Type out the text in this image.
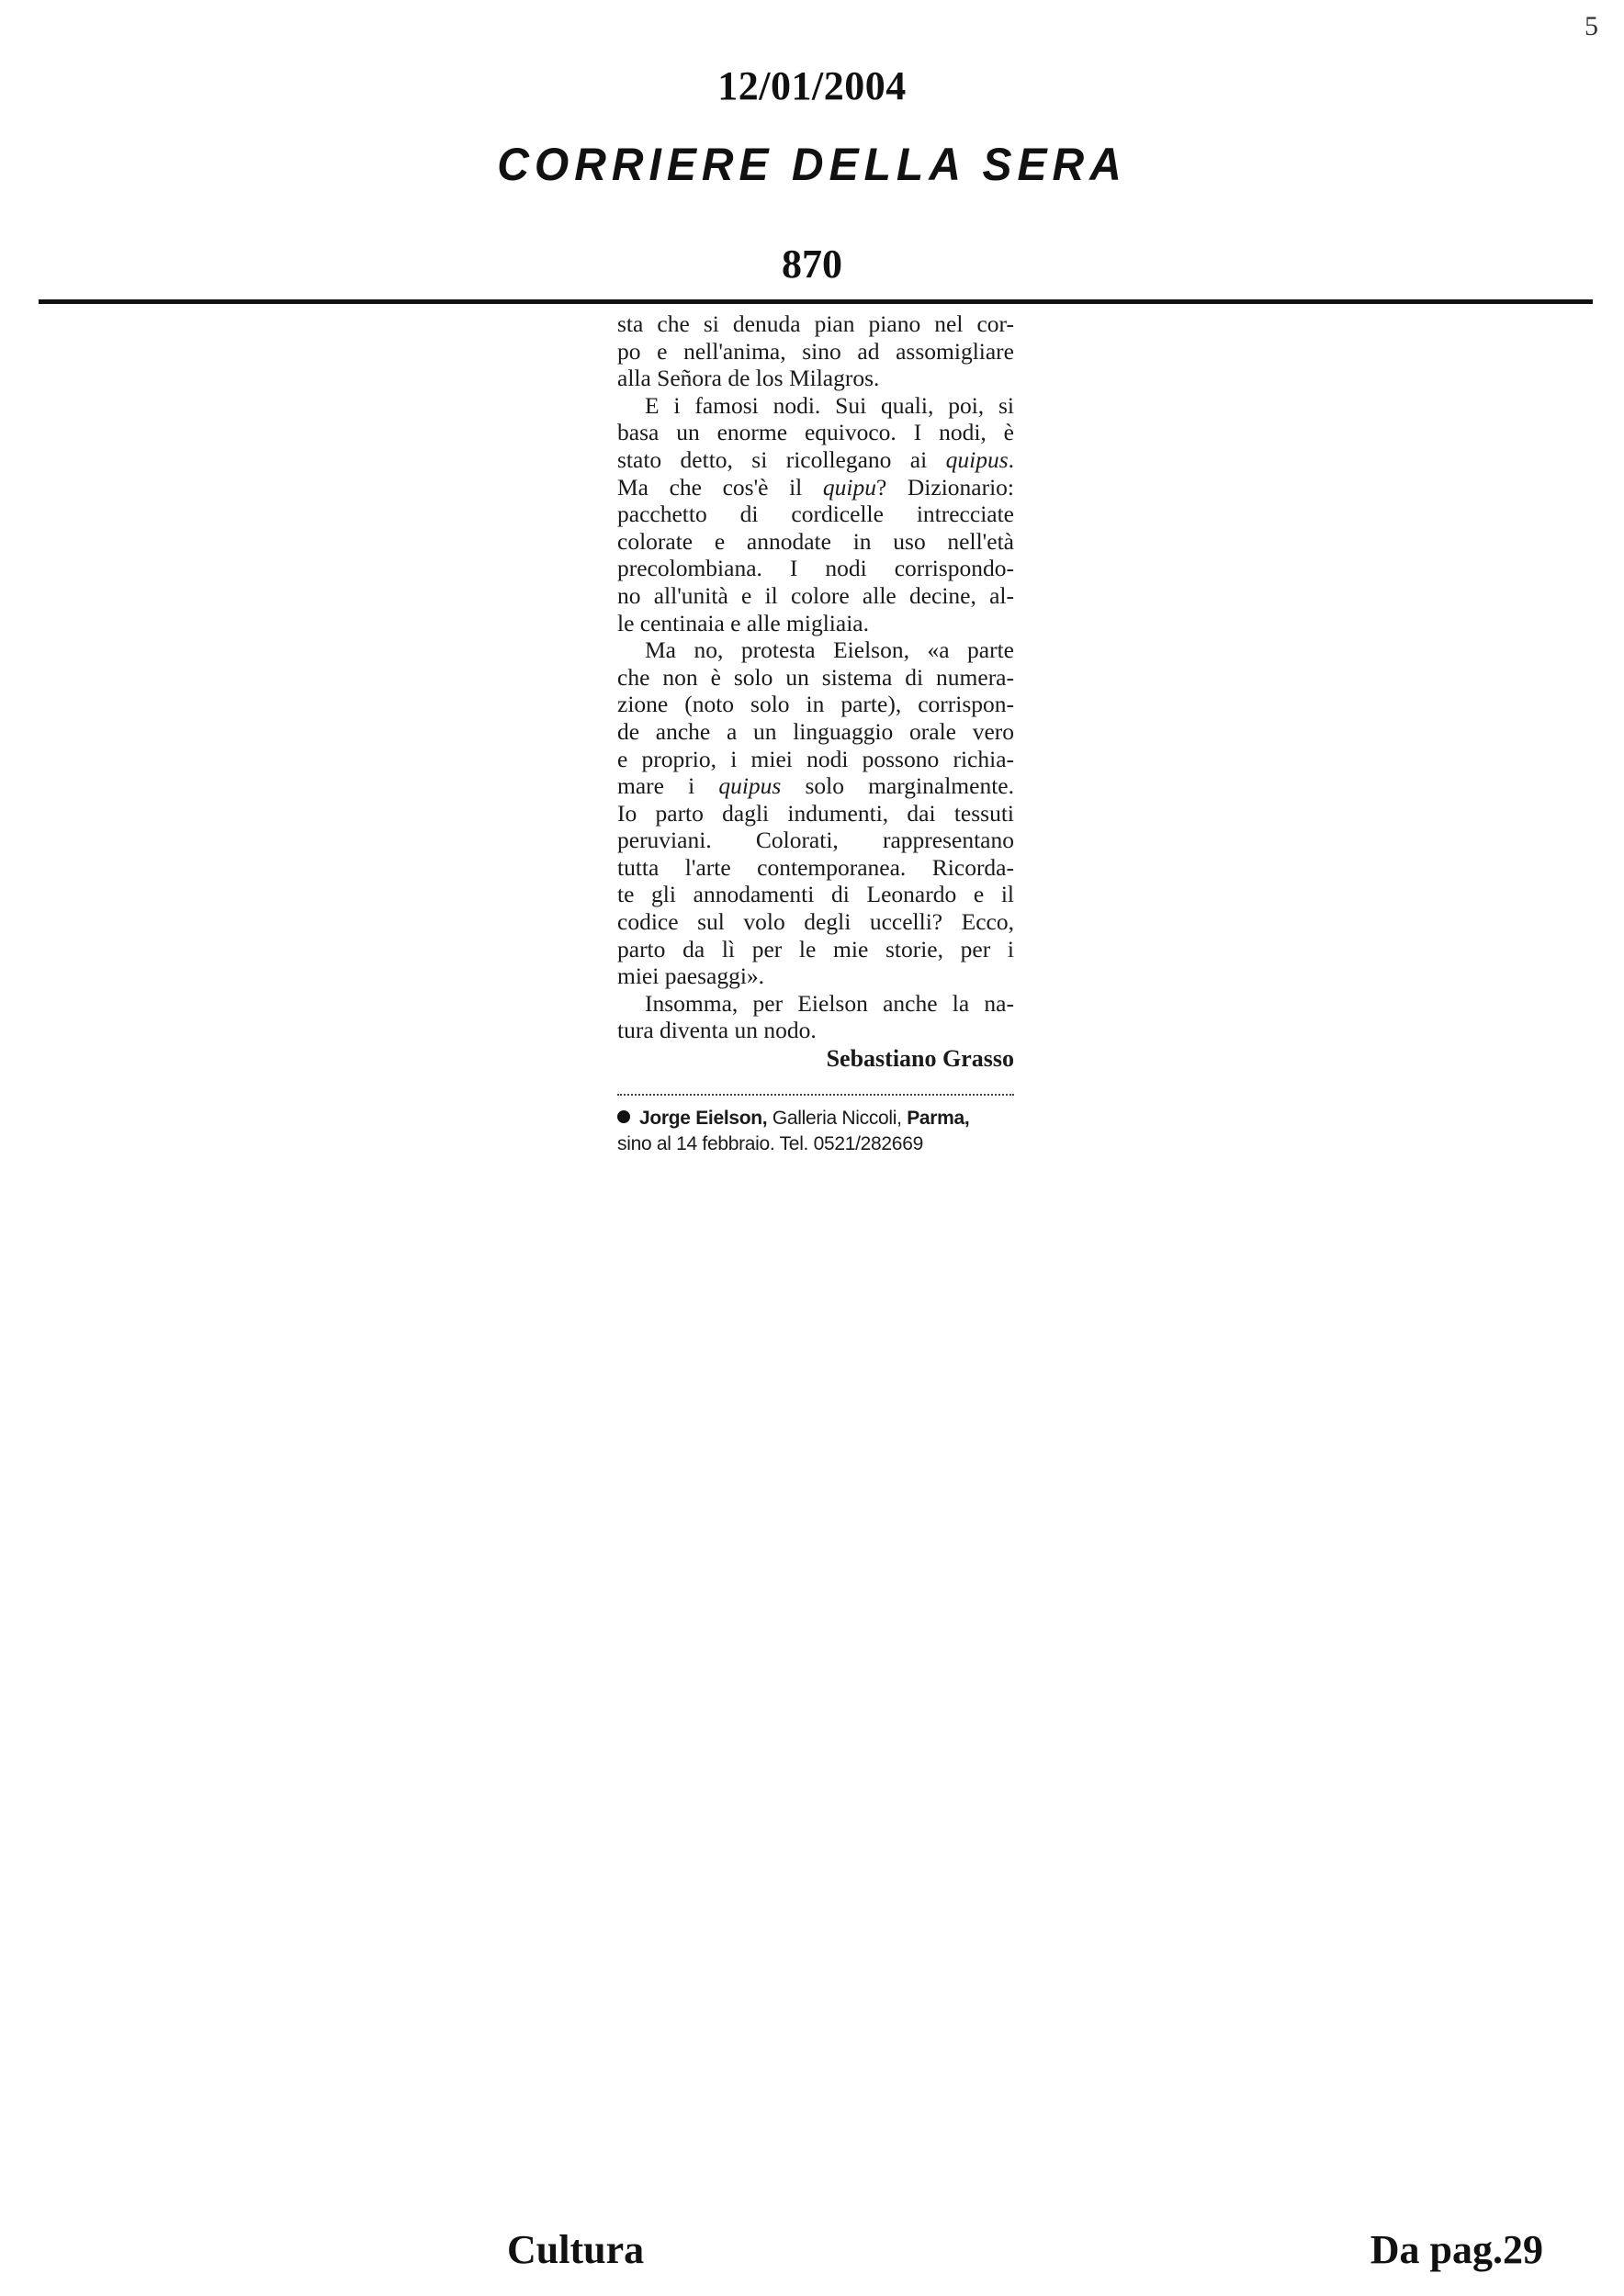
5
12/01/2004
CORRIERE DELLA SERA
870
sta che si denuda pian piano nel cor-
po e nell'anima, sino ad assomigliare
alla Señora de los Milagros.
E i famosi nodi. Sui quali, poi, si
basa un enorme equivoco. I nodi, è
stato detto, si ricollegano ai quipus.
Ma che cos'è il quipu? Dizionario:
pacchetto di cordicelle intrecciate
colorate e annodate in uso nell'età
precolombiana. I nodi corrispondo-
no all'unità e il colore alle decine, al-
le centinaia e alle migliaia.
Ma no, protesta Eielson, «a parte
che non è solo un sistema di numera-
zione (noto solo in parte), corrispon-
de anche a un linguaggio orale vero
e proprio, i miei nodi possono richia-
mare i quipus solo marginalmente.
Io parto dagli indumenti, dai tessuti
peruviani. Colorati, rappresentano
tutta l'arte contemporanea. Ricorda-
te gli annodamenti di Leonardo e il
codice sul volo degli uccelli? Ecco,
parto da lì per le mie storie, per i
miei paesaggi».
Insomma, per Eielson anche la na-
tura diventa un nodo.
Sebastiano Grasso
Jorge Eielson, Galleria Niccoli, Parma,
sino al 14 febbraio. Tel. 0521/282669
Cultura	Da pag.29
